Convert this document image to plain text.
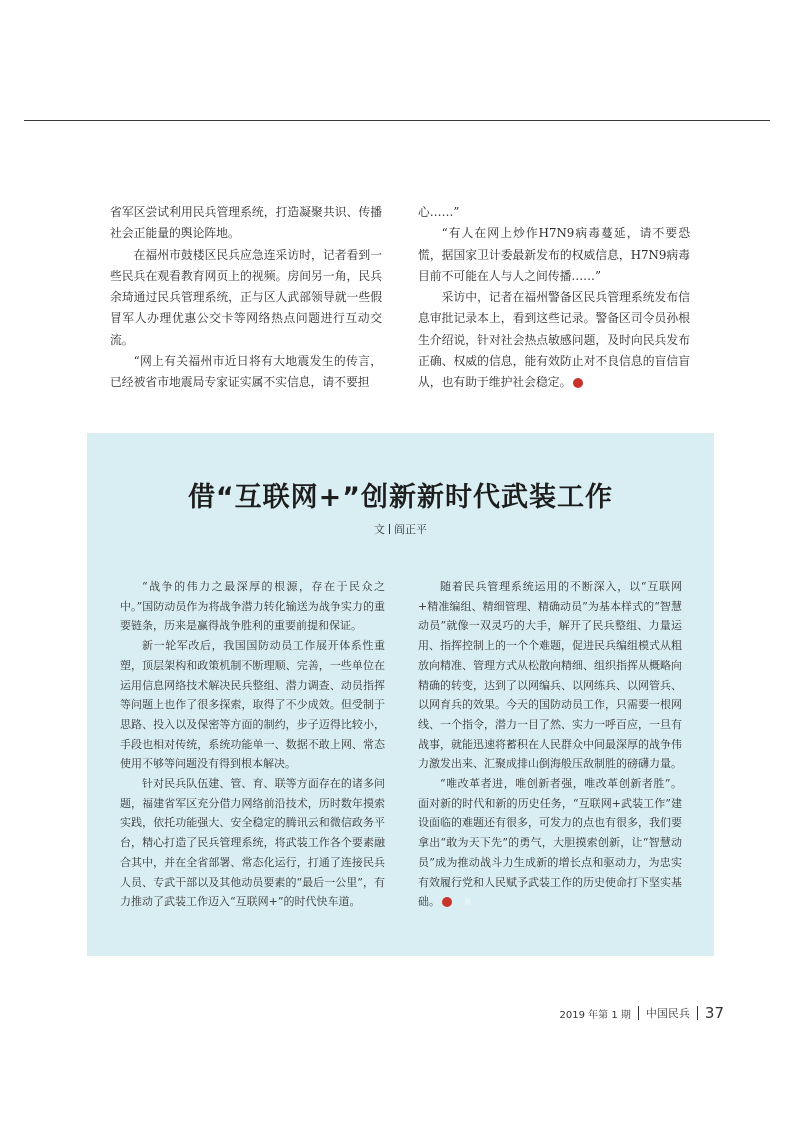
省军区尝试利用民兵管理系统，打造凝聚共识、传播社会正能量的舆论阵地。

在福州市鼓楼区民兵应急连采访时，记者看到一些民兵在观看教育网页上的视频。房间另一角，民兵余琦通过民兵管理系统，正与区人武部领导就一些假冒军人办理优惠公交卡等网络热点问题进行互动交流。

“网上有关福州市近日将有大地震发生的传言，已经被省市地震局专家证实属不实信息，请不要担

心……”

“有人在网上炒作H7N9病毒蔓延，请不要恐慌，据国家卫计委最新发布的权威信息，H7N9病毒目前不可能在人与人之间传播……”

采访中，记者在福州警备区民兵管理系统发布信息审批记录本上，看到这些记录。警备区司令员孙根生介绍说，针对社会热点敏感问题，及时向民兵发布正确、权威的信息，能有效防止对不良信息的盲信盲从，也有助于维护社会稳定。	兵

借“互联网+”创新新时代武装工作
文 阎正平

“战争的伟力之最深厚的根源，存在于民众之中。”国防动员作为将战争潜力转化输送为战争实力的重要链条，历来是赢得战争胜利的重要前提和保证。

新一轮军改后，我国国防动员工作展开体系性重塑，顶层架构和政策机制不断理顺、完善，一些单位在运用信息网络技术解决民兵整组、潜力调查、动员指挥等问题上也作了很多探索，取得了不少成效。但受制于思路、投入以及保密等方面的制约，步子迈得比较小，手段也相对传统，系统功能单一、数据不敢上网、常态使用不够等问题没有得到根本解决。

针对民兵队伍建、管、育、联等方面存在的诸多问题，福建省军区充分借力网络前沿技术，历时数年摸索实践，依托功能强大、安全稳定的腾讯云和微信政务平台，精心打造了民兵管理系统，将武装工作各个要素融合其中，并在全省部署、常态化运行，打通了连接民兵人员、专武干部以及其他动员要素的“最后一公里”，有力推动了武装工作迈入“互联网+”的时代快车道。

随着民兵管理系统运用的不断深入，以“互联网+精准编组、精细管理、精确动员”为基本样式的“智慧动员”就像一双灵巧的大手，解开了民兵整组、力量运用、指挥控制上的一个个难题，促进民兵编组模式从粗放向精准、管理方式从松散向精细、组织指挥从概略向精确的转变，达到了以网编兵、以网练兵、以网管兵、以网育兵的效果。今天的国防动员工作，只需要一根网线、一个指令，潜力一目了然、实力一呼百应，一旦有战事，就能迅速将蓄积在人民群众中间最深厚的战争伟力激发出来、汇聚成排山倒海般压敌制胜的磅礴力量。

“唯改革者进，唯创新者强，唯改革创新者胜”。面对新的时代和新的历史任务，“互联网+武装工作”建设面临的难题还有很多，可发力的点也有很多，我们要拿出“敢为天下先”的勇气，大胆摸索创新，让“智慧动员”成为推动战斗力生成新的增长点和驱动力，为忠实有效履行党和人民赋予武装工作的历史使命打下坚实基础。	兵

2019 年第 1 期 中国民兵 37
